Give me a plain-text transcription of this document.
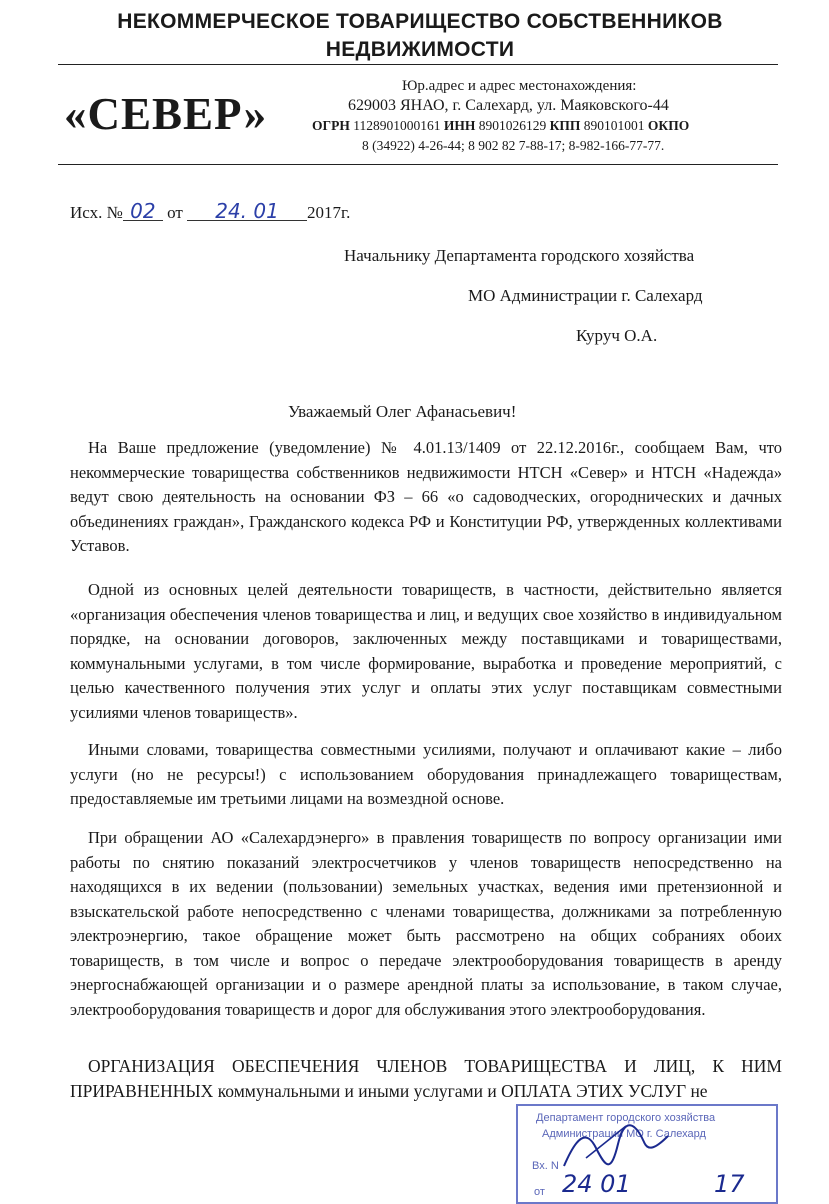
НЕКОММЕРЧЕСКОЕ ТОВАРИЩЕСТВО СОБСТВЕННИКОВ
НЕДВИЖИМОСТИ
«СЕВЕР»
Юр.адрес и адрес местонахождения:
629003 ЯНАО, г. Салехард, ул. Маяковского-44
ОГРН 1128901000161 ИНН 8901026129 КПП 890101001 ОКПО
8 (34922) 4-26-44; 8 902 82 7-88-17; 8-982-166-77-77.
Исх. № 02 от 24. 01 2017г.
Начальнику Департамента городского хозяйства
МО Администрации г. Салехард
Куруч О.А.
Уважаемый Олег Афанасьевич!
На Ваше предложение (уведомление) № 4.01.13/1409 от 22.12.2016г., сообщаем Вам, что некоммерческие товарищества собственников недвижимости НТСН «Север» и НТСН «Надежда» ведут свою деятельность на основании ФЗ – 66 «о садоводческих, огороднических и дачных объединениях граждан», Гражданского кодекса РФ и Конституции РФ, утвержденных коллективами Уставов.
Одной из основных целей деятельности товариществ, в частности, действительно является «организация обеспечения членов товарищества и лиц, и ведущих свое хозяйство в индивидуальном порядке, на основании договоров, заключенных между поставщиками и товариществами, коммунальными услугами, в том числе формирование, выработка и проведение мероприятий, с целью качественного получения этих услуг и оплаты этих услуг поставщикам совместными усилиями членов товариществ».
Иными словами, товарищества совместными усилиями, получают и оплачивают какие – либо услуги (но не ресурсы!) с использованием оборудования принадлежащего товариществам, предоставляемые им третьими лицами на возмездной основе.
При обращении АО «Салехардэнерго» в правления товариществ по вопросу организации ими работы по снятию показаний электросчетчиков у членов товариществ непосредственно на находящихся в их ведении (пользовании) земельных участках, ведения ими претензионной и взыскательской работе непосредственно с членами товарищества, должниками за потребленную электроэнергию, такое обращение может быть рассмотрено на общих собраниях обоих товариществ, в том числе и вопрос о передаче электрооборудования товариществ в аренду энергоснабжающей организации и о размере арендной платы за использование, в таком случае, электрооборудования товариществ и дорог для обслуживания этого электрооборудования.
ОРГАНИЗАЦИЯ ОБЕСПЕЧЕНИЯ ЧЛЕНОВ ТОВАРИЩЕСТВА И ЛИЦ, К НИМ ПРИРАВНЕННЫХ коммунальными и иными услугами и ОПЛАТА ЭТИХ УСЛУГ не
Департамент городского хозяйства
Администрации МО г. Салехард
Вх. N
от 24 01	17
